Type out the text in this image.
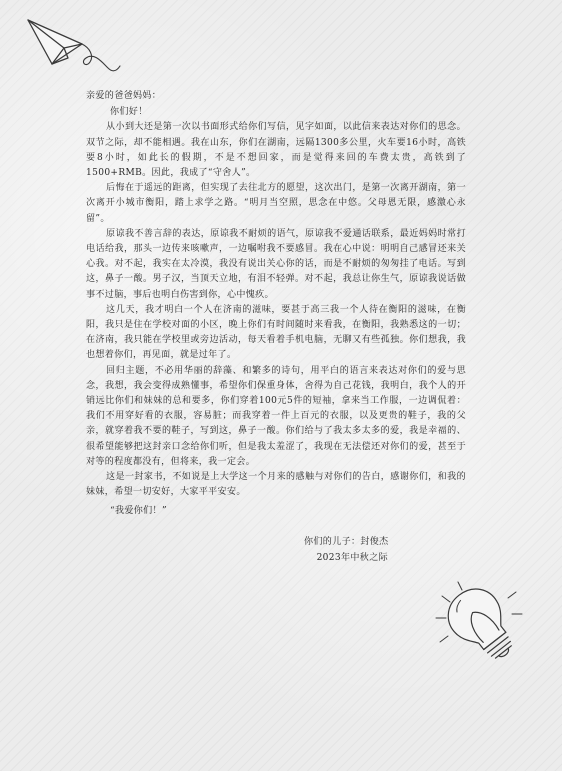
亲爱的爸爸妈妈：

你们好！

从小到大还是第一次以书面形式给你们写信，见字如面，以此信来表达对你们的思念。双节之际，却不能相遇。我在山东，你们在湖南，远隔1300多公里，火车要16小时，高铁要8小时，如此长的假期，不是不想回家，而是觉得来回的车费太贵，高铁到了1500+RMB。因此，我成了“守舍人”。

后悔在于遥远的距离，但实现了去往北方的愿望，这次出门，是第一次离开湖南，第一次离开小城市衡阳，踏上求学之路。“明月当空照，思念在中悠。父母恩无限，感激心永留”。

原谅我不善言辞的表达，原谅我不耐烦的语气，原谅我不爱通话联系，最近妈妈时常打电话给我，那头一边传来咳嗽声，一边嘱咐我不要感冒。我在心中说：明明自己感冒还来关心我。对不起，我实在太冷漠，我没有说出关心你的话，而是不耐烦的匆匆挂了电话。写到这，鼻子一酸。男子汉，当顶天立地，有泪不轻弹。对不起，我总让你生气，原谅我说话做事不过脑，事后也明白伤害到你，心中愧疚。

这几天，我才明白一个人在济南的滋味，要甚于高三我一个人待在衡阳的滋味，在衡阳，我只是住在学校对面的小区，晚上你们有时间随时来看我，在衡阳，我熟悉这的一切；在济南，我只能在学校里或旁边活动，每天看着手机电脑，无聊又有些孤独。你们想我，我也想着你们，再见面，就是过年了。

回归主题，不必用华丽的辞藻、和繁多的诗句，用平白的语言来表达对你们的爱与思念，我想，我会变得成熟懂事，希望你们保重身体，舍得为自己花钱，我明白，我个人的开销远比你们和妹妹的总和要多，你们穿着100元5件的短袖，拿来当工作服，一边调侃着：我们不用穿好看的衣服，容易脏；而我穿着一件上百元的衣服，以及更贵的鞋子，我的父亲，就穿着我不要的鞋子，写到这，鼻子一酸。你们给与了我太多太多的爱，我是幸福的、很希望能够把这封亲口念给你们听，但是我太羞涩了，我现在无法偿还对你们的爱，甚至于对等的程度都没有，但将来，我一定会。

这是一封家书，不如说是上大学这一个月来的感触与对你们的告白，感谢你们，和我的妹妹，希望一切安好，大家平平安安。

“我爱你们！”

你们的儿子：封俊杰
2023年中秋之际
